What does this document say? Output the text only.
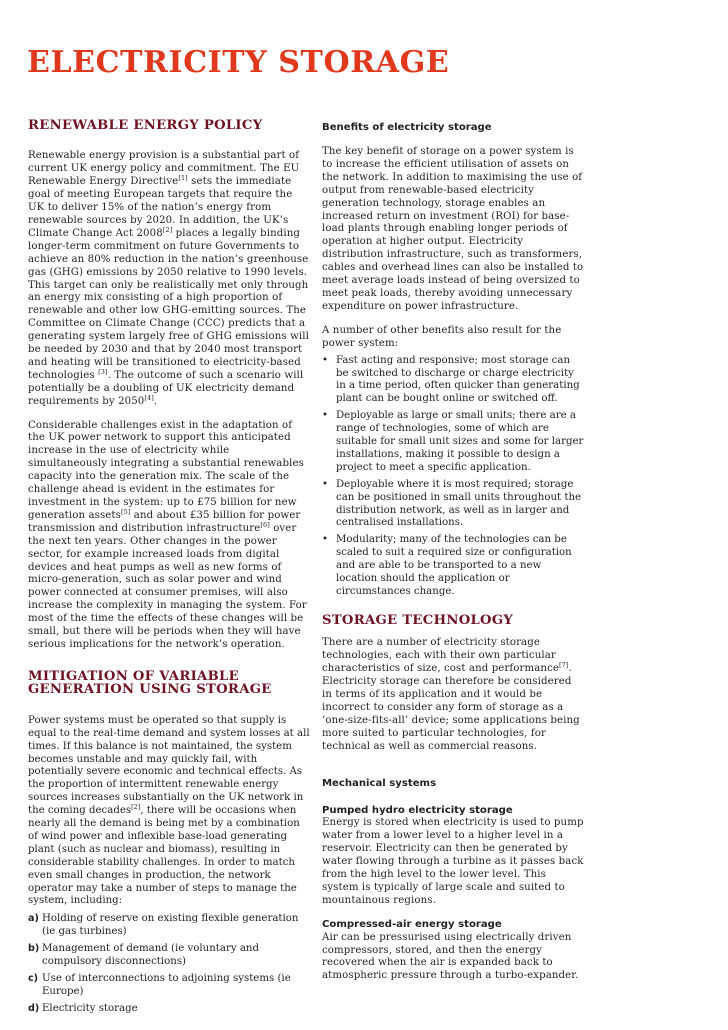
ELECTRICITY STORAGE
RENEWABLE ENERGY POLICY

Renewable energy provision is a substantial part of current UK energy policy and commitment. The EU Renewable Energy Directive[1] sets the immediate goal of meeting European targets that require the UK to deliver 15% of the nation’s energy from renewable sources by 2020. In addition, the UK’s Climate Change Act 2008[2] places a legally binding longer-term commitment on future Governments to achieve an 80% reduction in the nation’s greenhouse gas (GHG) emissions by 2050 relative to 1990 levels. This target can only be realistically met only through an energy mix consisting of a high proportion of renewable and other low GHG-emitting sources. The Committee on Climate Change (CCC) predicts that a generating system largely free of GHG emissions will be needed by 2030 and that by 2040 most transport and heating will be transitioned to electricity-based technologies [3]. The outcome of such a scenario will potentially be a doubling of UK electricity demand requirements by 2050[4].

Considerable challenges exist in the adaptation of the UK power network to support this anticipated increase in the use of electricity while simultaneously integrating a substantial renewables capacity into the generation mix. The scale of the challenge ahead is evident in the estimates for investment in the system: up to £75 billion for new generation assets[5] and about £35 billion for power transmission and distribution infrastructure[6] over the next ten years. Other changes in the power sector, for example increased loads from digital devices and heat pumps as well as new forms of micro-generation, such as solar power and wind power connected at consumer premises, will also increase the complexity in managing the system. For most of the time the effects of these changes will be small, but there will be periods when they will have serious implications for the network’s operation.

MITIGATION OF VARIABLE
GENERATION USING STORAGE

Power systems must be operated so that supply is equal to the real-time demand and system losses at all times. If this balance is not maintained, the system becomes unstable and may quickly fail, with potentially severe economic and technical effects. As the proportion of intermittent renewable energy sources increases substantially on the UK network in the coming decades[2], there will be occasions when nearly all the demand is being met by a combination of wind power and inflexible base-load generating plant (such as nuclear and biomass), resulting in considerable stability challenges. In order to match even small changes in production, the network operator may take a number of steps to manage the system, including:

a) Holding of reserve on existing flexible generation (ie gas turbines)
b) Management of demand (ie voluntary and compulsory disconnections)
c) Use of interconnections to adjoining systems (ie Europe)
d) Electricity storage
Benefits of electricity storage

The key benefit of storage on a power system is to increase the efficient utilisation of assets on the network. In addition to maximising the use of output from renewable-based electricity generation technology, storage enables an increased return on investment (ROI) for base-load plants through enabling longer periods of operation at higher output. Electricity distribution infrastructure, such as transformers, cables and overhead lines can also be installed to meet average loads instead of being oversized to meet peak loads, thereby avoiding unnecessary expenditure on power infrastructure.

A number of other benefits also result for the power system:

• Fast acting and responsive; most storage can be switched to discharge or charge electricity in a time period, often quicker than generating plant can be bought online or switched off.
• Deployable as large or small units; there are a range of technologies, some of which are suitable for small unit sizes and some for larger installations, making it possible to design a project to meet a specific application.
• Deployable where it is most required; storage can be positioned in small units throughout the distribution network, as well as in larger and centralised installations.
• Modularity; many of the technologies can be scaled to suit a required size or configuration and are able to be transported to a new location should the application or circumstances change.
STORAGE TECHNOLOGY

There are a number of electricity storage technologies, each with their own particular characteristics of size, cost and performance[7]. Electricity storage can therefore be considered in terms of its application and it would be incorrect to consider any form of storage as a ‘one-size-fits-all’ device; some applications being more suited to particular technologies, for technical as well as commercial reasons.

Mechanical systems
Pumped hydro electricity storage

Energy is stored when electricity is used to pump water from a lower level to a higher level in a reservoir. Electricity can then be generated by water flowing through a turbine as it passes back from the high level to the lower level. This system is typically of large scale and suited to mountainous regions.

Compressed-air energy storage

Air can be pressurised using electrically driven compressors, stored, and then the energy recovered when the air is expanded back to atmospheric pressure through a turbo-expander.
